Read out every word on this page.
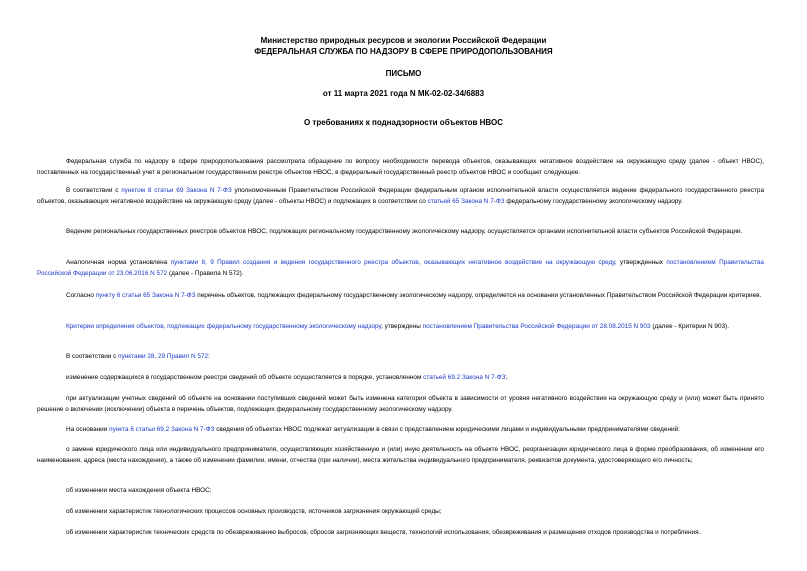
Министерство природных ресурсов и экологии Российской Федерации
ФЕДЕРАЛЬНАЯ СЛУЖБА ПО НАДЗОРУ В СФЕРЕ ПРИРОДОПОЛЬЗОВАНИЯ
ПИСЬМО
от 11 марта 2021 года N МК-02-02-34/6883
О требованиях к поднадзорности объектов НВОС

Федеральная служба по надзору в сфере природопользования рассмотрела обращение по вопросу необходимости перевода объектов, оказывающих негативное воздействие на окружающую среду (далее - объект НВОС), поставленных на государственный учет в региональном государственном реестре объектов НВОС, в федеральный государственный реестр объектов НВОС и сообщает следующее.

В соответствии с пунктом 8 статьи 69 Закона N 7-ФЗ уполномоченным Правительством Российской Федерации федеральным органом исполнительной власти осуществляется ведение федерального государственного реестра объектов, оказывающих негативное воздействие на окружающую среду (далее - объекты НВОС) и подлежащих в соответствии со статьей 65 Закона N 7-ФЗ федеральному государственному экологическому надзору.

Ведение региональных государственных реестров объектов НВОС, подлежащих региональному государственному экологическому надзору, осуществляется органами исполнительной власти субъектов Российской Федерации.

Аналогичная норма установлена пунктами 8, 9 Правил создания и ведения государственного реестра объектов, оказывающих негативное воздействие на окружающую среду, утвержденных постановлением Правительства Российской Федерации от 23.06.2016 N 572 (далее - Правила N 572).

Согласно пункту 6 статьи 65 Закона N 7-ФЗ перечень объектов, подлежащих федеральному государственному экологическому надзору, определяется на основании установленных Правительством Российской Федерации критериев.

Критерии определения объектов, подлежащих федеральному государственному экологическому надзору, утверждены постановлением Правительства Российской Федерации от 28.08.2015 N 903 (далее - Критерии N 903).

В соответствии с пунктами 28, 29 Правил N 572:

изменение содержащихся в государственном реестре сведений об объекте осуществляется в порядке, установленном статьей 69.2 Закона N 7-ФЗ;

при актуализации учетных сведений об объекте на основании поступивших сведений может быть изменена категория объекта в зависимости от уровня негативного воздействия на окружающую среду и (или) может быть принято решение о включении (исключении) объекта в перечень объектов, подлежащих федеральному государственному экологическому надзору.

На основании пункта 6 статьи 69.2 Закона N 7-ФЗ сведения об объектах НВОС подлежат актуализации в связи с представлением юридическими лицами и индивидуальными предпринимателями сведений:

о замене юридического лица или индивидуального предпринимателя, осуществляющих хозяйственную и (или) иную деятельность на объекте НВОС, реорганизации юридического лица в форме преобразования, об изменении его наименования, адреса (места нахождения), а также об изменении фамилии, имени, отчества (при наличии), места жительства индивидуального предпринимателя, реквизитов документа, удостоверяющего его личность;

об изменении места нахождения объекта НВОС;

об изменении характеристик технологических процессов основных производств, источников загрязнения окружающей среды;

об изменении характеристик технических средств по обезвреживанию выбросов, сбросов загрязняющих веществ, технологий использования, обезвреживания и размещения отходов производства и потребления.
